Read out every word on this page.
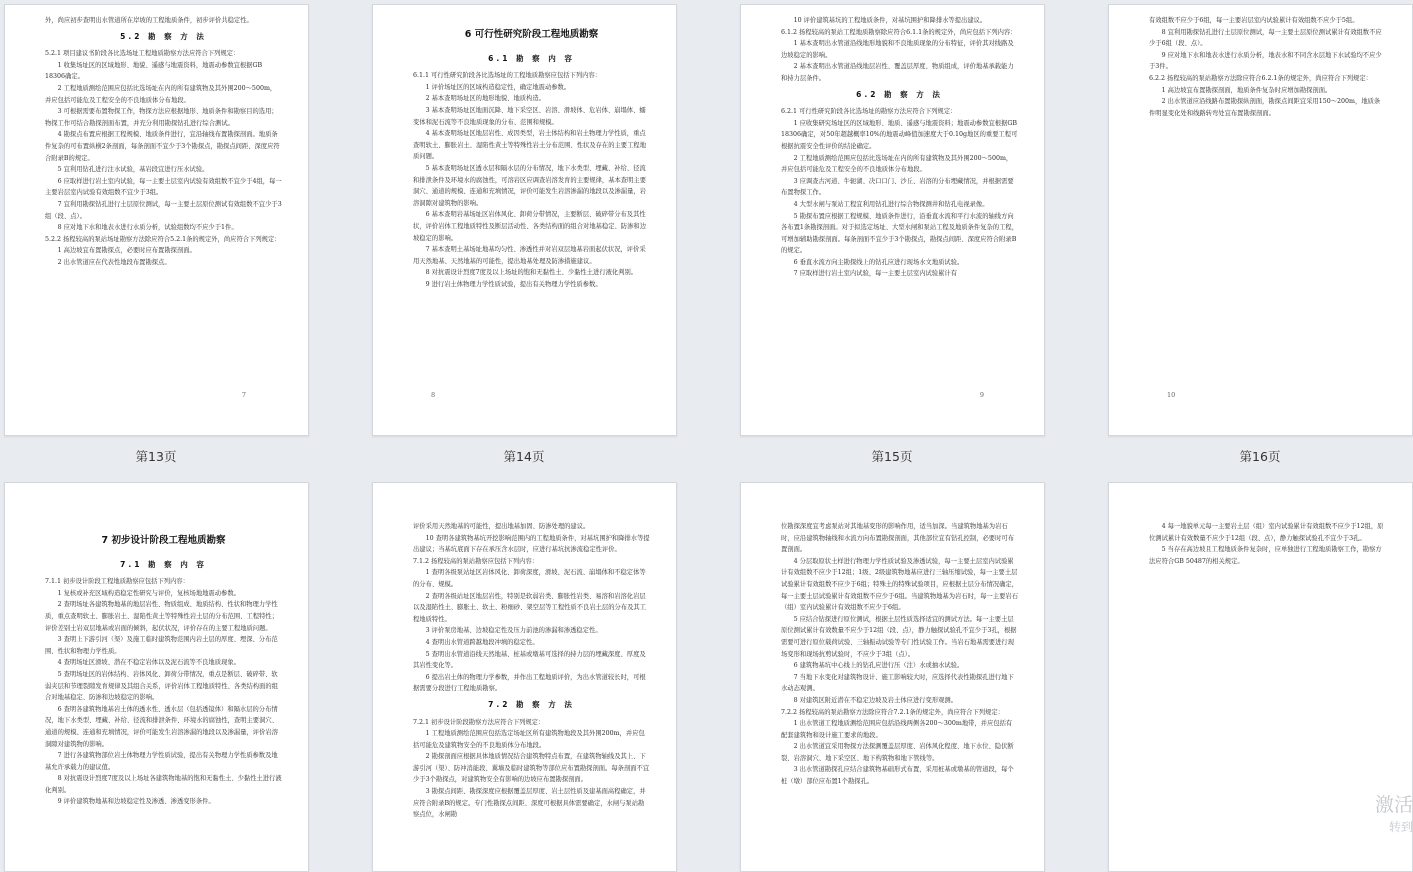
外，尚应初步查明出水管道所在岸坡的工程地质条件，初步评价共稳定性。

5.2 勘 察 方 法

5.2.1 项目建议书阶段各比选场址工程地质勘察方法应符合下列规定：

1 收集场址区的区域地形、地貌、遥感与地震资料，地震动参数宜根据GB 18306确定。

2 工程地质测绘范围应包括比选场址在内的所有建筑物及其外围200～500m，并应包括可能危及工程安全的不良地质体分布地段。

3 可根据需要布置物探工作，物探方法应根据地形、地质条件和勘察目的选用；物探工作可结合勘探剖面布置，并充分利用勘探钻孔进行综合测试。

4 勘探点布置应根据工程规模、地质条件进行，宜沿轴线布置勘探剖面。地质条件复杂的可布置纵横2条剖面，每条剖面不宜少于3个勘探点，勘探点间距、深度应符合附录B的规定。

5 宜利用钻孔进行注水试验，基岩段宜进行压水试验。

6 应取样进行岩土室内试验，每一主要土层室内试验有效组数不宜少于4组，每一主要岩层室内试验有效组数不宜少于3组。

7 宜利用勘探钻孔进行土层原位测试，每一主要土层原位测试有效组数不宜少于3组（段、点）。

8 应对地下水和地表水进行水质分析，试验组数均不应少于1件。

5.2.2 扬程较高的泵站场址勘察方法除应符合5.2.1条的规定外，尚应符合下列规定：

1 高边坡宜布置勘探点，必要时应布置勘探剖面。

2 出水管道应在代表性地段布置勘探点。

7
6 可行性研究阶段工程地质勘察
6.1 勘 察 内 容

6.1.1 可行性研究阶段各比选场址的工程地质勘察应包括下列内容：

1 评价场址区的区域构造稳定性，确定地震动参数。

2 基本查明场址区的地形地貌、地质构造。

3 基本查明场址区地面沉降、地下采空区、岩溶、滑坡体、危岩体、崩塌体、蠕变体和泥石流等不良地质现象的分布、范围和规模。

4 基本查明场址区地层岩性、成因类型，岩土体结构和岩土物理力学性质，重点查明软土、膨胀岩土、湿陷性黄土等特殊性岩土分布范围、性状及存在的主要工程地质问题。

5 基本查明场址区透水层和隔水层的分布情况，地下水类型、埋藏、补给、径流和排泄条件及环境水的腐蚀性，可溶岩区应调查岩溶发育的主要规律，基本查明主要洞穴、通道的规模、连通和充填情况，评价可能发生岩溶渗漏的地段以及渗漏量，岩溶洞隙对建筑物的影响。

6 基本查明岩基场址区岩体风化、卸荷分带情况，主要断层、破碎带分布及其性状，评价岩体工程地质特性及断层活动性、各类结构面的组合对地基稳定、防渗和边坡稳定的影响。

7 基本查明土基场址地基均匀性、渗透性并对岩双层地基岩面起伏状况，评价采用天然地基、天然地基的可能性，提出地基处理及防渗措施建议。

8 对抗震设计烈度7度及以上场址的饱和无黏性土、少黏性土进行液化判别。

9 进行岩土体物理力学性质试验，提出有关物理力学性质参数。

8

10 评价建筑基坑的工程地质条件，对基坑围护和降排水等提出建议。

6.1.2 扬程较高的泵站工程地质勘察除应符合6.1.1条的规定外，尚应包括下列内容：

1 基本查明出水管道沿线地形地貌和不良地质现象的分布特征，评价其对线路及边坡稳定的影响。

2 基本查明出水管道沿线地层岩性、覆盖层厚度、物质组成，评价地基承载能力和持力层条件。

6.2 勘 察 方 法

6.2.1 可行性研究阶段各比选场址的勘察方法应符合下列规定：

1 应收集研究场址区的区域地形、地质、遥感与地震资料；地震动参数宜根据GB 18306确定，对50年超越概率10%的地震动峰值加速度大于0.10g地区的重要工程可根据抗震安全性评价的结论确定。

2 工程地质测绘范围应包括比选场址在内的所有建筑物及其外围200～500m，并应包括可能危及工程安全的不良地质体分布地段。

3 应调查古河道、牛轭湖、决口口门、沙丘、岩溶的分布埋藏情况，并根据需要布置物探工作。

4 大型水闸与泵站工程宜利用钻孔进行综合物探测井和钻孔电视录像。

5 勘探布置应根据工程规模、地质条件进行，沿垂直水流和平行水流的轴线方向各布置1条勘探剖面。对于拟选定场址、大型水闸和泵站工程及地质条件复杂的工程，可增加辅助勘探剖面。每条剖面不宜少于3个勘探点，勘探点间距、深度应符合附录B的规定。

6 垂直水流方向主勘探线上的钻孔应进行现场水文地质试验。

7 应取样进行岩土室内试验，每一主要土层室内试验累计有

9

有效组数不应少于6组，每一主要岩层室内试验累计有效组数不应少于5组。

8 宜利用勘探钻孔进行土层原位测试，每一主要土层原位测试累计有效组数不应少于6组（段、点）。

9 应对地下水和地表水进行水质分析，地表水和不同含水层地下水试验均不应少于3件。

6.2.2 扬程较高的泵站勘察方法除应符合6.2.1条的规定外，尚应符合下列规定：

1 高边坡宜布置勘探剖面，地质条件复杂时应增加勘探剖面。

2 出水管道应沿线路布置勘探纵剖面，勘探点间距宜采用150～200m，地质条件明显变化处和线路转弯处宜布置勘探剖面。

10
第13页	第14页	第15页	第16页
7 初步设计阶段工程地质勘察
7.1 勘 察 内 容

7.1.1 初步设计阶段工程地质勘察应包括下列内容：

1 复核或补充区域构造稳定性研究与评价，复核场地地震动参数。

2 查明场址各建筑物地基的地层岩性、物质组成、地质结构、性状和物理力学性质，重点查明软土、膨胀岩土、湿陷性黄土等特殊性岩土层的分布范围、工程特性；评价差别土岩双层地基或岩面的倾斜，起伏状况，评价存在的主要工程地质问题。

3 查明上下游引河（渠）及施工临时建筑物范围内岩土层的厚度、埋深、分布范围、性状和物理力学性质。

4 查明场址区滑坡、潜在不稳定岩体以及泥石流等不良地质现象。

5 查明场址区的岩体结构、岩体风化、卸荷分带情况，重点是断层、破碎带、软弱夹层和节理裂隙发育规律及其组合关系，评价岩体工程地质特性、各类结构面的组合对地基稳定、防渗和边坡稳定的影响。

6 查明各建筑物地基岩土体的透水性、透水层（包括透镜体）和隔水层的分布情况，地下水类型、埋藏、补给、径流和排泄条件、环境水的腐蚀性，查明主要洞穴、通道的规模、连通和充填情况，评价可能发生岩溶渗漏的地段以及渗漏量，评价岩溶洞隙对建筑物的影响。

7 进行各建筑物部位岩土体物理力学性质试验，提出有关物理力学性质参数及地基允许承载力的建议值。

8 对抗震设计烈度7度及以上场址各建筑物地基的饱和无黏性土、少黏性土进行液化判别。

9 评价建筑物地基和边坡稳定性及渗透、渗透变形条件。

评价采用天然地基的可能性，提出地基加固、防渗处理的建议。

10 查明各建筑物基坑开挖影响范围内的工程地质条件，对基坑围护和降排水等提出建议；当基坑底面下存在承压含水层时，应进行基坑抗渗流稳定性评价。

7.1.2 扬程较高的泵站勘察应包括下列内容：

1 查明各级泵站址区岩体风化、卸荷深度，滑坡、泥石流、崩塌体和不稳定体等的分布、规模。

2 查明各级站址区地层岩性，特别是软弱岩类、膨胀性岩类、易溶和岩溶化岩层以及湿陷性土、膨胀土、软土、粉细砂、架空层等工程性质不良岩土层的分布及其工程地质特性。

3 评价泵房地基、边坡稳定性及压力前池的渗漏和渗透稳定性。

4 查明出水管道跨越地段冲填的稳定性。

5 查明出水管道沿线天然地基、桩基或墩基可选择的持力层的埋藏深度、厚度及其岩性变化等。

6 提出岩土体的物理力学参数，并作出工程地质评价，为出水管道较长时，可根据需要分段进行工程地质勘察。

7.2 勘 察 方 法

7.2.1 初步设计阶段勘察方法应符合下列规定：

1 工程地质测绘范围应包括选定场址区所有建筑物地段及其外围200m，并应包括可能危及建筑物安全的不良地质体分布地段。

2 勘探剖面应根据具体地质情况结合建筑物特点布置，在建筑物轴线及其上、下游引河（渠）、防冲消能段、翼墙及临时建筑物等部位应布置勘探剖面。每条剖面不宜少于3个勘探点，对建筑物安全有影响的边坡应布置勘探剖面。

3 勘探点间距、勘探深度应根据覆盖层厚度、岩土层性质及建基面高程确定，并应符合附录B的规定。专门性勘探点间距、深度可根据具体需要确定，水闸与泵站勘察点位，水闸勘

位勘探深度宜考虑泵站对其地基变形的影响作用，适当加深。当建筑物地基为岩石时，应沿建筑物轴线和水流方向布置勘探剖面，其他部位宜有钻孔控制，必要时可布置剖面。

4 分层取原状土样进行物理力学性质试验及渗透试验，每一主要土层室内试验累计有效组数不应少于12组；1级、2级建筑物地基应进行三轴压缩试验，每一主要土层试验累计有效组数不应少于6组；特殊土的特殊试验项目，应根据土层分布情况确定，每一主要土层试验累计有效组数不应少于6组。当建筑物地基为岩石时，每一主要岩石（组）室内试验累计有效组数不应少于6组。

5 应结合钻探进行原位测试，根据土层性质选择适宜的测试方法。每一主要土层原位测试累计有效数量不应少于12组（段、点），静力触探试验孔不宜少于3孔，根据需要可进行原位载荷试验、三轴振动试验等专门性试验工作。当岩石地基需要进行现场变形和现场抗剪试验时，不应少于3组（点）。

6 建筑物基坑中心线上的钻孔应进行压（注）水或抽水试验。

7 当地下水变化对建筑物设计、施工影响较大时，应选择代表性勘探孔进行地下水动态观测。

8 对建筑区附近潜在不稳定边坡及岩土体应进行变形观测。

7.2.2 扬程较高的泵站勘察方法除应符合7.2.1条的规定外，尚应符合下列规定：

1 出水管道工程地质测绘范围应包括沿线两侧各200～300m地带，并应包括有配套建筑物和设计施工要求的地段。

2 出水管道宜采用物探方法探测覆盖层厚度、岩体风化程度、地下水位、隐伏断裂、岩溶洞穴、地下采空区、地下构筑物和地下管线等。

3 出水管道勘探孔应结合建筑物基础形式布置，采用桩基或墩基的管道段，每个桩（墩）部位应布置1个勘探孔。

4 每一地貌单元每一主要岩土层（组）室内试验累计有效组数不应少于12组，原位测试累计有效数量不应少于12组（段、点），静力触探试验孔不宜少于3孔。

5 当存在高边坡且工程地质条件复杂时，应单独进行工程地质勘察工作，勘察方法应符合GB 50487的相关规定。

激活
转到
